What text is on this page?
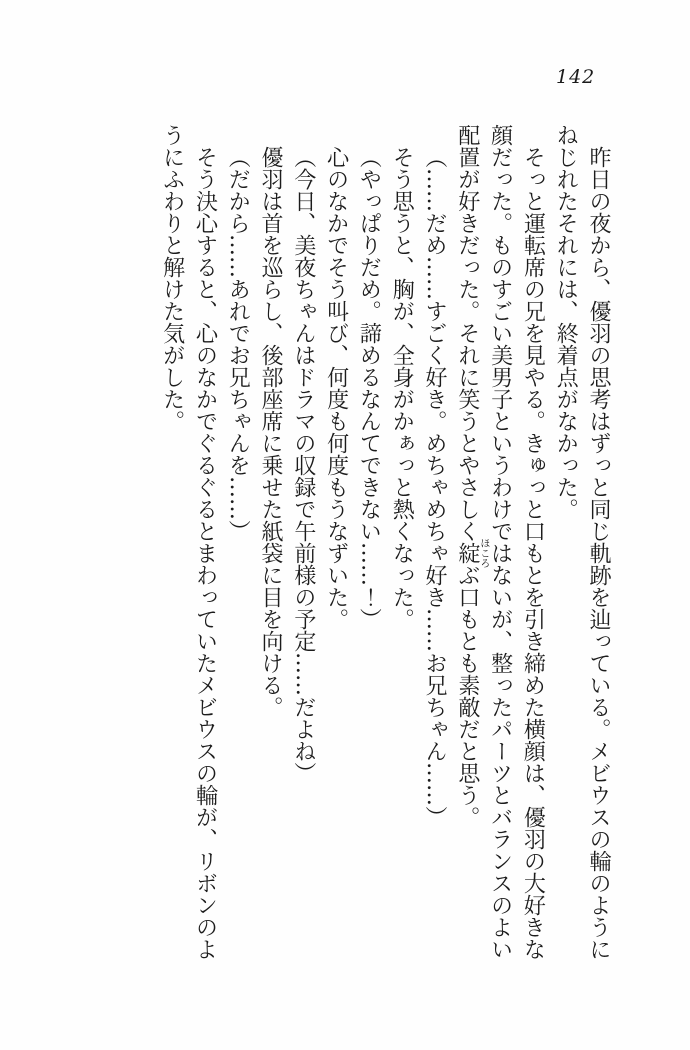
142

昨日の夜から、優羽の思考はずっと同じ軌跡を辿っている。メビウスの輪のようにねじれたそれには、終着点がなかった。

そっと運転席の兄を見やる。きゅっと口もとを引き締めた横顔は、優羽の大好きな顔だった。ものすごい美男子というわけではないが、整ったパーツとバランスのよい配置が好きだった。それに笑うとやさしく綻ほころぶ口もとも素敵だと思う。

（……だめ……すごく好き。めちゃめちゃ好き……お兄ちゃん……）

そう思うと、胸が、全身がかぁっと熱くなった。

（やっぱりだめ。諦めるなんてできない……！）

心のなかでそう叫び、何度も何度もうなずいた。

（今日、美夜ちゃんはドラマの収録で午前様の予定……だよね）

優羽は首を巡らし、後部座席に乗せた紙袋に目を向ける。

（だから……あれでお兄ちゃんを……）

そう決心すると、心のなかでぐるぐるとまわっていたメビウスの輪が、リボンのようにふわりと解けた気がした。
